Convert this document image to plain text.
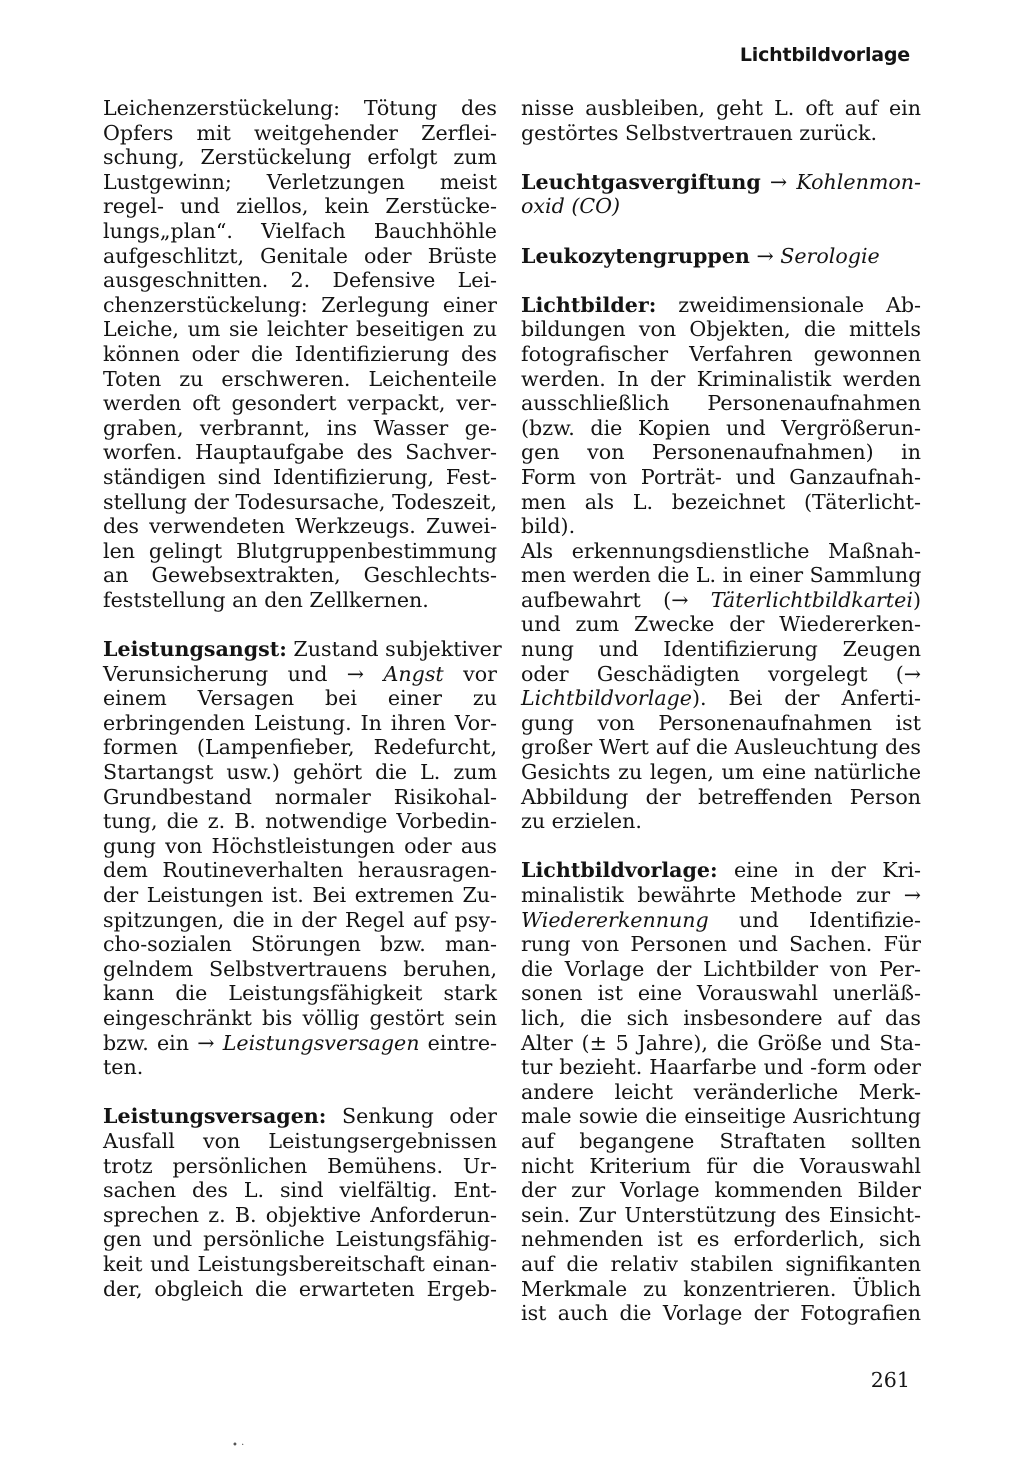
Lichtbildvorlage
Leichenzerstückelung: Tötung des
Opfers mit weitgehender Zerflei-
schung, Zerstückelung erfolgt zum
Lustgewinn; Verletzungen meist
regel- und ziellos, kein Zerstücke-
lungs„plan“. Vielfach Bauchhöhle
aufgeschlitzt, Genitale oder Brüste
ausgeschnitten. 2. Defensive Lei-
chenzerstückelung: Zerlegung einer
Leiche, um sie leichter beseitigen zu
können oder die Identifizierung des
Toten zu erschweren. Leichenteile
werden oft gesondert verpackt, ver-
graben, verbrannt, ins Wasser ge-
worfen. Hauptaufgabe des Sachver-
ständigen sind Identifizierung, Fest-
stellung der Todesursache, Todeszeit,
des verwendeten Werkzeugs. Zuwei-
len gelingt Blutgruppenbestimmung
an Gewebsextrakten, Geschlechts-
feststellung an den Zellkernen.
Leistungsangst: Zustand subjektiver
Verunsicherung und → Angst vor
einem Versagen bei einer zu
erbringenden Leistung. In ihren Vor-
formen (Lampenfieber, Redefurcht,
Startangst usw.) gehört die L. zum
Grundbestand normaler Risikohal-
tung, die z. B. notwendige Vorbedin-
gung von Höchstleistungen oder aus
dem Routineverhalten herausragen-
der Leistungen ist. Bei extremen Zu-
spitzungen, die in der Regel auf psy-
cho-sozialen Störungen bzw. man-
gelndem Selbstvertrauens beruhen,
kann die Leistungsfähigkeit stark
eingeschränkt bis völlig gestört sein
bzw. ein → Leistungsversagen eintre-
ten.
Leistungsversagen: Senkung oder
Ausfall von Leistungsergebnissen
trotz persönlichen Bemühens. Ur-
sachen des L. sind vielfältig. Ent-
sprechen z. B. objektive Anforderun-
gen und persönliche Leistungsfähig-
keit und Leistungsbereitschaft einan-
der, obgleich die erwarteten Ergeb-
nisse ausbleiben, geht L. oft auf ein
gestörtes Selbstvertrauen zurück.
Leuchtgasvergiftung → Kohlenmon-
oxid (CO)
Leukozytengruppen → Serologie
Lichtbilder: zweidimensionale Ab-
bildungen von Objekten, die mittels
fotografischer Verfahren gewonnen
werden. In der Kriminalistik werden
ausschließlich Personenaufnahmen
(bzw. die Kopien und Vergrößerun-
gen von Personenaufnahmen) in
Form von Porträt- und Ganzaufnah-
men als L. bezeichnet (Täterlicht-
bild).
Als erkennungsdienstliche Maßnah-
men werden die L. in einer Sammlung
aufbewahrt (→ Täterlichtbildkartei)
und zum Zwecke der Wiedererken-
nung und Identifizierung Zeugen
oder Geschädigten vorgelegt (→
Lichtbildvorlage). Bei der Anferti-
gung von Personenaufnahmen ist
großer Wert auf die Ausleuchtung des
Gesichts zu legen, um eine natürliche
Abbildung der betreffenden Person
zu erzielen.
Lichtbildvorlage: eine in der Kri-
minalistik bewährte Methode zur →
Wiedererkennung und Identifizie-
rung von Personen und Sachen. Für
die Vorlage der Lichtbilder von Per-
sonen ist eine Vorauswahl unerläß-
lich, die sich insbesondere auf das
Alter (± 5 Jahre), die Größe und Sta-
tur bezieht. Haarfarbe und -form oder
andere leicht veränderliche Merk-
male sowie die einseitige Ausrichtung
auf begangene Straftaten sollten
nicht Kriterium für die Vorauswahl
der zur Vorlage kommenden Bilder
sein. Zur Unterstützung des Einsicht-
nehmenden ist es erforderlich, sich
auf die relativ stabilen signifikanten
Merkmale zu konzentrieren. Üblich
ist auch die Vorlage der Fotografien
261
• ·
